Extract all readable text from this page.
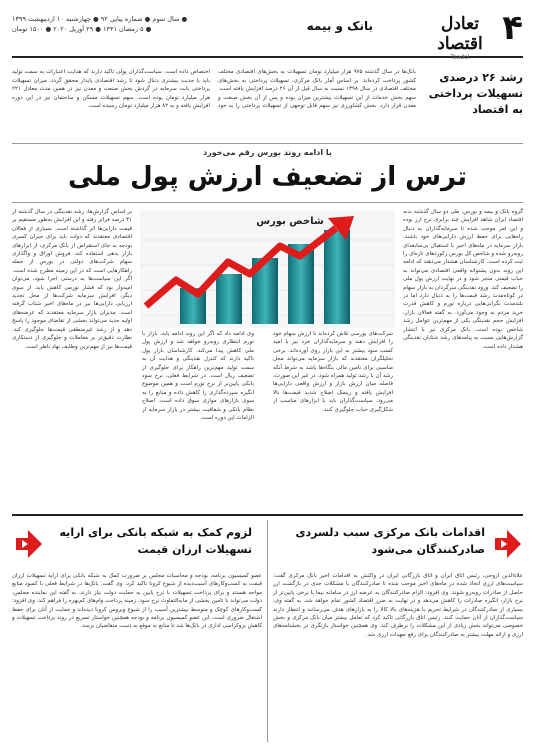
۴
تعادل اقتصاد
Taadol
بانک و بیمه
● سال سوم ● شماره پیاپی ۹۲ ● چهارشنبه ۱۰ اردیبهشت ۱۳۹۹
● ۵ رمضان ۱۴۴۱ ● ۲۹ آوریل ۲۰۲۰ ● ۱۵۰۰ تومان
رشد ۲۶ درصدی تسهیلات پرداختی به اقتصاد
بانک‌ها در سال گذشته ۹۷۵ هزار میلیارد تومان تسهیلات به بخش‌های اقتصادی مختلف کشور پرداخت کرده‌اند. بر اساس آمار بانک مرکزی، تسهیلات پرداختی به بخش‌های مختلف اقتصادی در سال ۱۳۹۸ نسبت به سال قبل از آن ۲۶ درصد افزایش یافته است. سهم بخش خدمات از این تسهیلات بیشترین میزان بوده و پس از آن بخش صنعت و معدن قرار دارد. بخش کشاورزی نیز سهم قابل توجهی از تسهیلات پرداختی را به خود اختصاص داده است. سیاست‌گذاران پولی تاکید دارند که هدایت اعتبارات به سمت تولید باید با جدیت بیشتری دنبال شود تا رشد اقتصادی پایدار محقق گردد. میزان تسهیلات پرداختی بابت سرمایه در گردش بخش صنعت و معدن نیز در همین مدت معادل ۲۲۱ هزار میلیارد تومان بوده است. سهم تسهیلات مسکن و ساختمان نیز در این دوره افزایش یافته و به ۸۲ هزار میلیارد تومان رسیده است.
با ادامه روند بورس رقم می‌خورد
ترس از تضعیف ارزش پول ملی
گروه بانک و بیمه و بورس: طی دو سال گذشته بدنه اقتصاد ایران شاهد افزایش چند برابری نرخ ارز بوده و این امر موجب شده تا سرمایه‌گذاران به دنبال راه‌هایی برای حفظ ارزش دارایی‌های خود باشند. بازار سرمایه در ماه‌های اخیر با استقبال بی‌سابقه‌ای روبه‌رو شده و شاخص کل بورس رکوردهای تازه‌ای را ثبت کرده است. کارشناسان هشدار می‌دهند که ادامه این روند بدون پشتوانه واقعی اقتصادی می‌تواند به حباب قیمتی منجر شود و در نهایت ارزش پول ملی را تضعیف کند. ورود نقدینگی سرگردان به بازار سهام در کوتاه‌مدت رشد قیمت‌ها را به دنبال دارد اما در بلندمدت نگرانی‌هایی درباره تورم و کاهش قدرت خرید مردم به وجود می‌آورد. به گفته فعالان بازار، افزایش حجم نقدینگی یکی از مهم‌ترین عوامل رشد شاخص بوده است. بانک مرکزی نیز با انتشار گزارش‌هایی نسبت به پیامدهای رشد شتابان نقدینگی هشدار داده است.
شاخص بورس
شرکت‌های بورسی تلاش کرده‌اند تا ارزش سهام خود را افزایش دهند و سرمایه‌گذاران خرد نیز با امید کسب سود بیشتر به این بازار روی آورده‌اند. برخی تحلیلگران معتقدند که بازار سرمایه می‌تواند محل مناسبی برای تامین مالی بنگاه‌ها باشد به شرط آنکه رشد آن با رشد تولید همراه شود. در غیر این صورت، فاصله میان ارزش بازار و ارزش واقعی دارایی‌ها افزایش یافته و ریسک اصلاح شدید قیمت‌ها بالا می‌رود. سیاست‌گذاران باید با ابزارهای مناسب از شکل‌گیری حباب جلوگیری کنند.
وی ادامه داد که اگر این روند ادامه یابد، بازار با تورم انتظاری روبه‌رو خواهد شد و ارزش پول ملی کاهش پیدا می‌کند. کارشناسان بازار پول تاکید دارند که کنترل نقدینگی و هدایت آن به سمت تولید مهم‌ترین راهکار برای جلوگیری از تضعیف ریال است. در شرایط فعلی، نرخ سود بانکی پایین‌تر از نرخ تورم است و همین موضوع انگیزه سپرده‌گذاری را کاهش داده و منابع را به سوی بازارهای موازی سوق داده است. اصلاح نظام بانکی و شفافیت بیشتر در بازار سرمایه از الزامات این دوره است.
بر اساس گزارش‌ها، رشد نقدینگی در سال گذشته از ۳۱ درصد فراتر رفته و این افزایش به‌طور مستقیم بر قیمت دارایی‌ها اثر گذاشته است. بسیاری از فعالان اقتصادی معتقدند که دولت باید برای جبران کسری بودجه به جای استقراض از بانک مرکزی، از ابزارهای بازار بدهی استفاده کند. فروش اوراق و واگذاری سهام شرکت‌های دولتی در بورس از جمله راهکارهایی است که در این زمینه مطرح شده است. اگر این سیاست‌ها به درستی اجرا شود، می‌توان امیدوار بود که فشار تورمی کاهش یابد. از سوی دیگر، افزایش سرمایه شرکت‌ها از محل تجدید ارزیابی دارایی‌ها نیز در ماه‌های اخیر شتاب گرفته است. مدیران بازار سرمایه معتقدند که عرضه‌های اولیه جدید می‌تواند بخشی از تقاضای موجود را پاسخ دهد و از رشد غیرمنطقی قیمت‌ها جلوگیری کند. نظارت دقیق‌تر بر معاملات و جلوگیری از دستکاری قیمت‌ها نیز از مهم‌ترین وظایف نهاد ناظر است.
اقدامات بانک مرکزی سبب دلسردی صادرکنندگان می‌شود
لزوم کمک به شبکه بانکی برای ارایه تسهیلات ارزان قیمت
علاءالدین ازوجی، رئیس اتاق ایران و اتاق بازرگانی ایران در واکنش به اقدامات اخیر بانک مرکزی گفت: سیاست‌های ارزی اتخاذ شده در ماه‌های اخیر موجب شده تا صادرکنندگان با مشکلات جدی در بازگشت ارز حاصل از صادرات روبه‌رو شوند. وی افزود: الزام صادرکنندگان به عرضه ارز در سامانه نیما با نرخی پایین‌تر از نرخ بازار، انگیزه صادرات را کاهش می‌دهد و در نهایت به ضرر اقتصاد کشور تمام خواهد شد. به گفته وی، بسیاری از صادرکنندگان در شرایط تحریم با هزینه‌های بالا کالا را به بازارهای هدف می‌رسانند و انتظار دارند سیاست‌گذاران از آنان حمایت کنند. رئیس اتاق بازرگانی تاکید کرد که تعامل بیشتر میان بانک مرکزی و بخش خصوصی می‌تواند بخش زیادی از این مشکلات را برطرف کند. وی همچنین خواستار بازنگری در بخشنامه‌های ارزی و ارائه مهلت بیشتر به صادرکنندگان برای رفع تعهدات ارزی شد.
عضو کمیسیون برنامه، بودجه و محاسبات مجلس بر ضرورت کمک به شبکه بانکی برای ارایه تسهیلات ارزان قیمت به کسب‌وکارهای آسیب‌دیده از شیوع کرونا تاکید کرد. وی گفت: بانک‌ها در شرایط فعلی با کمبود منابع مواجه هستند و برای پرداخت تسهیلات با نرخ پایین به حمایت دولت نیاز دارند. به گفته این نماینده مجلس، دولت می‌تواند با تامین بخشی از مابه‌التفاوت نرخ سود، زمینه پرداخت وام‌های کم‌بهره را فراهم کند. وی افزود: کسب‌وکارهای کوچک و متوسط بیشترین آسیب را از شیوع ویروس کرونا دیده‌اند و حمایت از آنان برای حفظ اشتغال ضروری است. این عضو کمیسیون برنامه و بودجه همچنین خواستار تسریع در روند پرداخت تسهیلات و کاهش بروکراسی اداری در بانک‌ها شد تا منابع به موقع به دست متقاضیان برسد.
